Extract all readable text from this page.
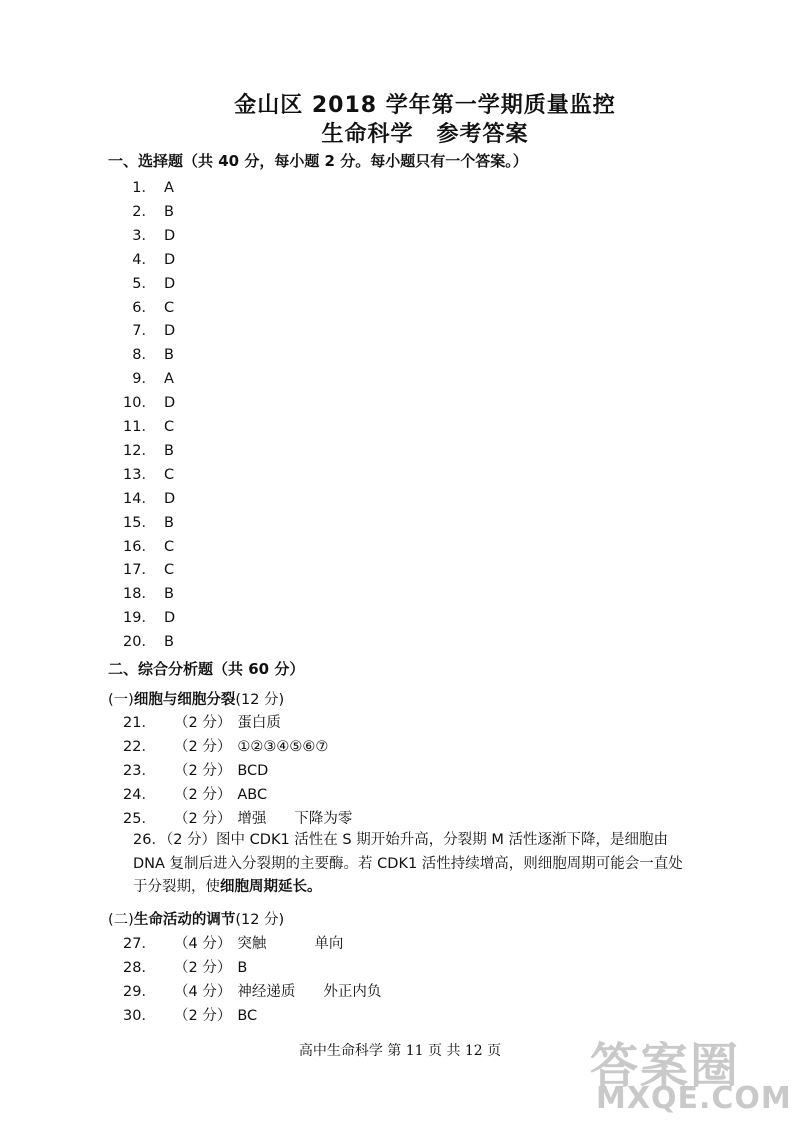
金山区 2018 学年第一学期质量监控
生命科学　参考答案
一、选择题（共 40 分，每小题 2 分。每小题只有一个答案。）
1． A
2． B
3． D
4． D
5． D
6． C
7． D
8． B
9． A
10． D
11． C
12． B
13． C
14． D
15． B
16． C
17． C
18． B
19． D
20． B
二、综合分析题（共 60 分）
(一)细胞与细胞分裂(12 分)
21． （2 分） 蛋白质
22． （2 分） ①②③④⑤⑥⑦
23． （2 分） BCD
24． （2 分） ABC
25． （2 分） 增强 下降为零
26．（2 分）图中 CDK1 活性在 S 期开始升高，分裂期 M 活性逐渐下降，是细胞由 DNA 复制后进入分裂期的主要酶。若 CDK1 活性持续增高，则细胞周期可能会一直处于分裂期，使细胞周期延长。
(二)生命活动的调节(12 分)
27． （4 分） 突触	单向
28． （2 分） B
29． （4 分） 神经递质 外正内负
30． （2 分） BC
高中生命科学 第 11 页 共 12 页	答案圈
MXQE.COM
